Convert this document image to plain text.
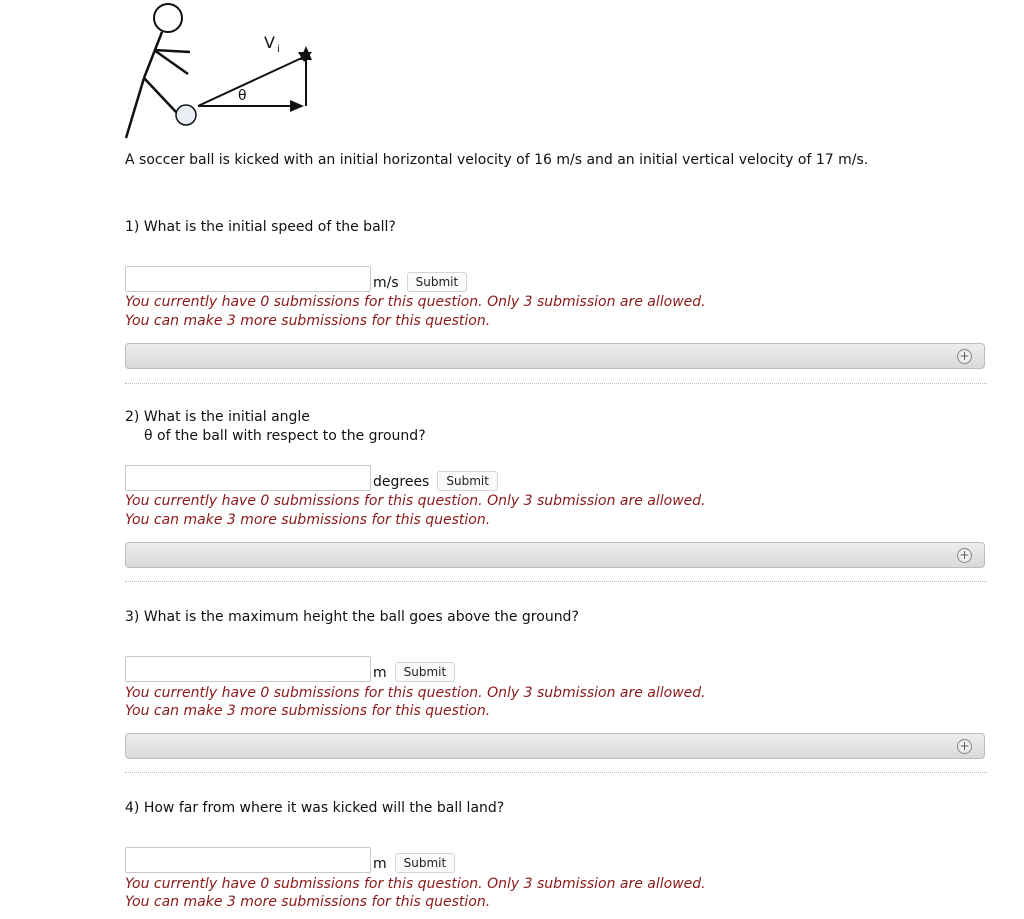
V i
θ
A soccer ball is kicked with an initial horizontal velocity of 16 m/s and an initial vertical velocity of 17 m/s.
1) What is the initial speed of the ball?
m/s	Submit
You currently have 0 submissions for this question. Only 3 submission are allowed.
You can make 3 more submissions for this question.
+
2) What is the initial angle
θ of the ball with respect to the ground?
degrees	Submit
You currently have 0 submissions for this question. Only 3 submission are allowed.
You can make 3 more submissions for this question.
+
3) What is the maximum height the ball goes above the ground?
m	Submit
You currently have 0 submissions for this question. Only 3 submission are allowed.
You can make 3 more submissions for this question.
+
4) How far from where it was kicked will the ball land?
m	Submit
You currently have 0 submissions for this question. Only 3 submission are allowed.
You can make 3 more submissions for this question.
